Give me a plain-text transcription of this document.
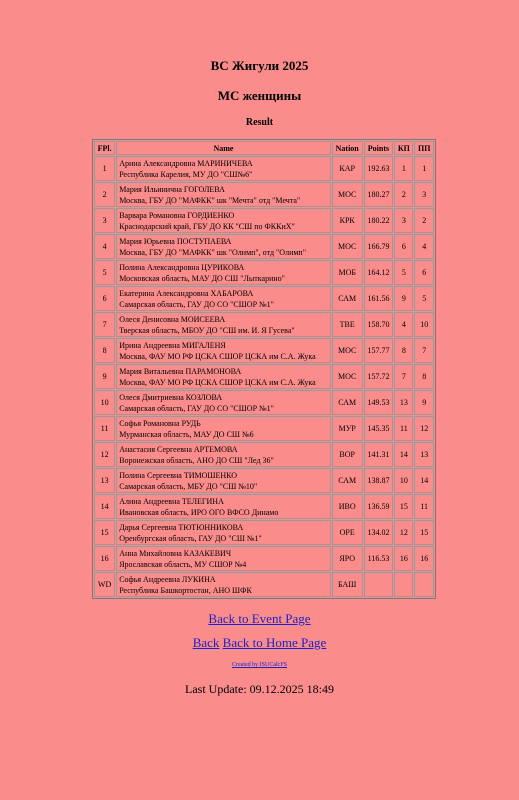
ВС Жигули 2025
МС женщины
Result
FPl.	Name	Nation	Points	КП	ПП
1	Арина Александровна МАРИНИЧЕВА
Республика Карелия, МУ ДО "СШ№6"	КАР	192.63	1	1
2	Мария Ильинична ГОГОЛЕВА
Москва, ГБУ ДО "МАФКК" шк "Мечта" отд "Мечта"	МОС	180.27	2	3
3	Варвара Романовна ГОРДИЕНКО
Краснодарский край, ГБУ ДО КК "СШ по ФККиХ"	КРК	180.22	3	2
4	Мария Юрьевна ПОСТУПАЕВА
Москва, ГБУ ДО "МАФКК" шк "Олимп", отд "Олимп"	МОС	166.79	6	4
5	Полина Александровна ЦУРИКОВА
Московская область, МАУ ДО СШ "Лыткарино"	МОБ	164.12	5	6
6	Екатерина Александровна ХАБАРОВА
Самарская область, ГАУ ДО СО "СШОР №1"	САМ	161.56	9	5
7	Олеся Денисовна МОИСЕЕВА
Тверская область, МБОУ ДО "СШ им. И. Я Гусева"	ТВЕ	158.70	4	10
8	Ирина Андреевна МИГАЛЕНЯ
Москва, ФАУ МО РФ ЦСКА СШОР ЦСКА им С.А. Жука	МОС	157.77	8	7
9	Мария Витальевна ПАРАМОНОВА
Москва, ФАУ МО РФ ЦСКА СШОР ЦСКА им С.А. Жука	МОС	157.72	7	8
10	Олеся Дмитриевна КОЗЛОВА
Самарская область, ГАУ ДО СО "СШОР №1"	САМ	149.53	13	9
11	Софья Романовна РУДЬ
Мурманская область, МАУ ДО СШ №6	МУР	145.35	11	12
12	Анастасия Сергеевна АРТЕМОВА
Воронежская область, АНО ДО СШ "Лед 36"	ВОР	141.31	14	13
13	Полина Сергеевна ТИМОШЕНКО
Самарская область, МБУ ДО "СШ №10"	САМ	138.87	10	14
14	Алина Андреевна ТЕЛЕГИНА
Ивановская область, ИРО ОГО ВФСО Динамо	ИВО	136.59	15	11
15	Дарья Сергеевна ТЮТЮННИКОВА
Оренбургская область, ГАУ ДО "СШ №1"	ОРЕ	134.02	12	15
16	Анна Михайловна КАЗАКЕВИЧ
Ярославская область, МУ СШОР №4	ЯРО	116.53	16	16
WD	Софья Андреевна ЛУКИНА
Республика Башкортостан, АНО ШФК	БАШ			
Back to Event Page
Back Back to Home Page
Created by ISUCalcFS
Last Update: 09.12.2025 18:49
